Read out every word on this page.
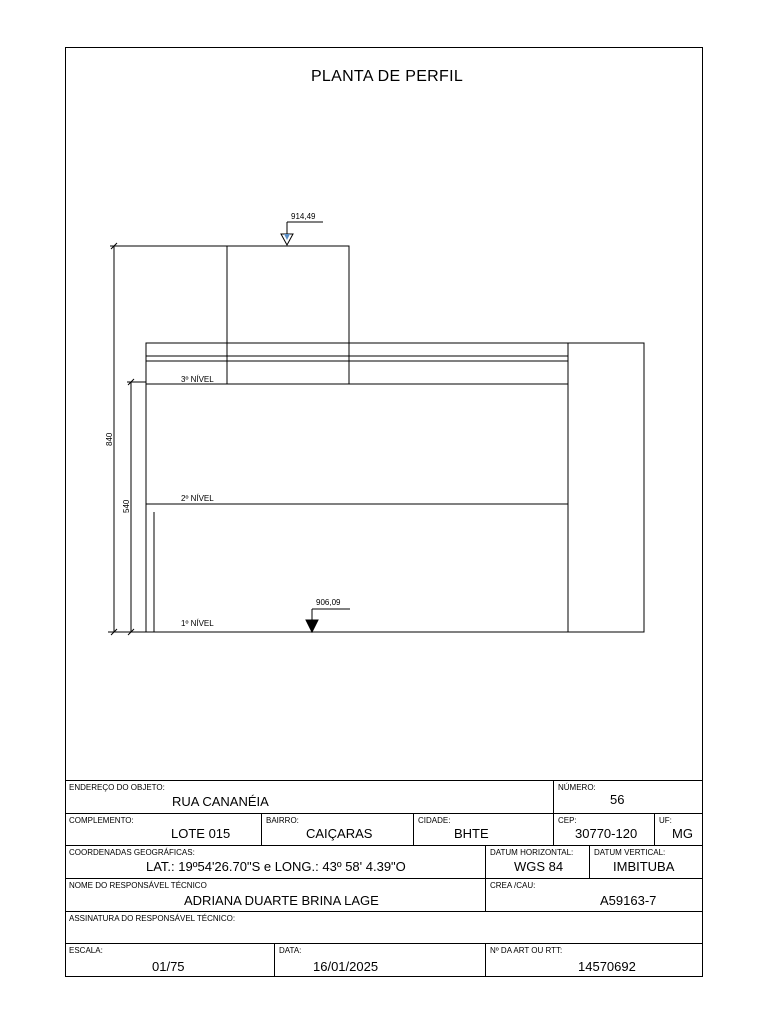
PLANTA DE PERFIL
914,49
906,09
3º NÍVEL
2º NÍVEL
1º NÍVEL
840
540
ENDEREÇO DO OBJETO:
RUA CANANÉIA
NÚMERO:
56
COMPLEMENTO:
LOTE 015
BAIRRO:
CAIÇARAS
CIDADE:
BHTE
CEP:
30770-120
UF:
MG
COORDENADAS GEOGRÁFICAS:
LAT.: 19º54'26.70"S e LONG.: 43º 58' 4.39"O
DATUM HORIZONTAL:
WGS 84
DATUM VERTICAL:
IMBITUBA
NOME DO RESPONSÁVEL TÉCNICO
ADRIANA DUARTE BRINA LAGE
CREA /CAU:
A59163-7
ASSINATURA DO RESPONSÁVEL TÉCNICO:
ESCALA:
01/75
DATA:
16/01/2025
Nº DA ART OU RTT:
14570692
